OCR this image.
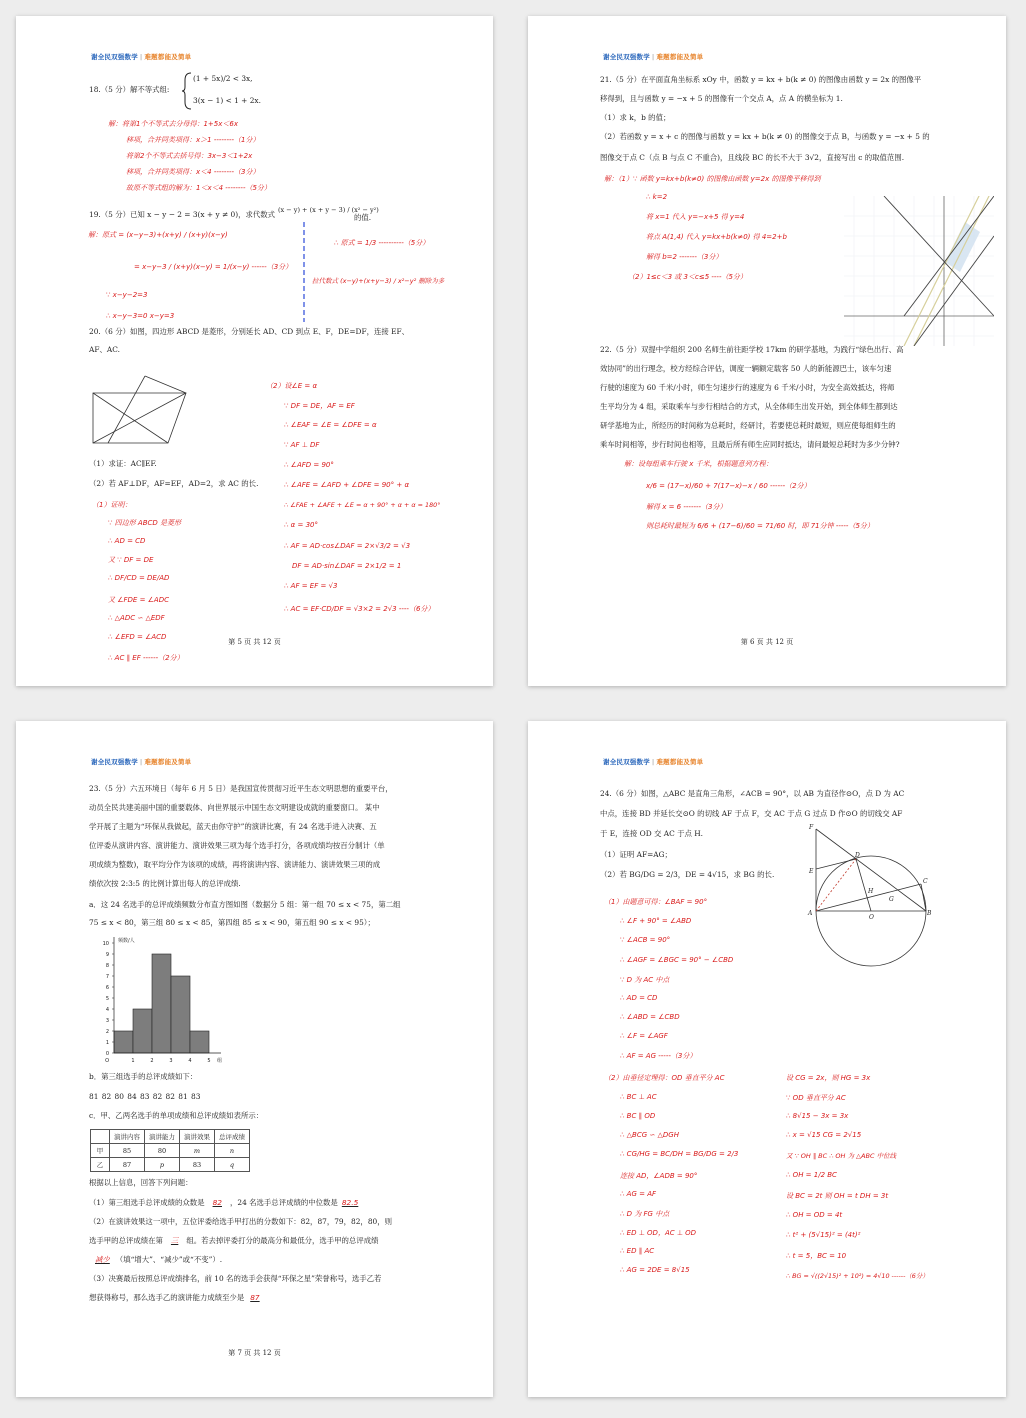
谢全民双强数学 | 难题都能及简单
18.（5 分）解不等式组:
(1 + 5x)/2 < 3x,
3(x − 1) < 1 + 2x.
解：将第1个不等式去分母得：1+5x＜6x
移项，合并同类项得：x＞1 --------（1分）
将第2个不等式去括号得：3x−3＜1+2x
移项，合并同类项得：x＜4 --------（3分）
故原不等式组的解为：1＜x＜4 --------（5分）
19.（5 分）已知 x − y − 2 = 3(x + y ≠ 0)，求代数式 (x − y) + (x + y − 3) / (x² − y²)
的值.
解：原式 = (x−y−3)+(x+y) / (x+y)(x−y)
= x−y−3 / (x+y)(x−y) = 1/(x−y) ------（3分）
∵ x−y−2=3
∴ x−y−3=0 x−y=3
∴ 原式 = 1/3 ----------（5分）
拉代数式 (x−y)+(x+y−3) / x²−y² 删除为多
20.（6 分）如图，四边形 ABCD 是菱形，分别延长 AD、CD 到点 E、F，DE=DF，连接 EF、
AF、AC.
（1）求证：AC∥EF.
（2）若 AF⊥DF，AF=EF，AD=2，求 AC 的长.
（1）证明：
∵ 四边形 ABCD 是菱形
∴ AD = CD
又 ∵ DF = DE
∴ DF/CD = DE/AD
又 ∠FDE = ∠ADC
∴ △ADC ∽ △EDF
∴ ∠EFD = ∠ACD
∴ AC ∥ EF ------（2分）
（2）设∠E = α
∵ DF = DE，AF = EF
∴ ∠EAF = ∠E = ∠DFE = α
∵ AF ⊥ DF
∴ ∠AFD = 90°
∴ ∠AFE = ∠AFD + ∠DFE = 90° + α
∴ ∠FAE + ∠AFE + ∠E = α + 90° + α + α = 180°
∴ α = 30°
∴ AF = AD·cos∠DAF = 2×√3/2 = √3
DF = AD·sin∠DAF = 2×1/2 = 1
∴ AF = EF = √3
∴ AC = EF·CD/DF = √3×2 = 2√3 ----（6分）
第 5 页 共 12 页
谢全民双强数学 | 难题都能及简单
21.（5 分）在平面直角坐标系 xOy 中，函数 y = kx + b(k ≠ 0) 的图像由函数 y = 2x 的图像平
移得到，且与函数 y = −x + 5 的图像有一个交点 A，点 A 的横坐标为 1.
（1）求 k，b 的值；
（2）若函数 y = x + c 的图像与函数 y = kx + b(k ≠ 0) 的图像交于点 B，与函数 y = −x + 5 的
图像交于点 C（点 B 与点 C 不重合)，且线段 BC 的长不大于 3√2，直接写出 c 的取值范围.
解：（1）∵ 函数 y=kx+b(k≠0) 的图像由函数 y=2x 的图像平移得到
∴ k=2
将 x=1 代入 y=−x+5 得 y=4
将点 A(1,4) 代入 y=kx+b(k≠0) 得 4=2+b
解得 b=2 -------（3分）
（2）1≤c＜3 或 3＜c≤5 ----（5分）
22.（5 分）双提中学组织 200 名师生前往距学校 17km 的研学基地，为践行“绿色出行、高
效协同”的出行理念，校方经综合评估，调度一辆额定载客 50 人的新能源巴士，该车匀速
行驶的速度为 60 千米/小时，师生匀速步行的速度为 6 千米/小时，为安全高效抵达，将师
生平均分为 4 组，采取乘车与步行相结合的方式，从全体师生出发开始，到全体师生都到达
研学基地为止，所经历的时间称为总耗时，经研讨，若要使总耗时最短，则应使每组师生的
乘车时间相等，步行时间也相等，且最后所有师生应同时抵达，请问最短总耗时为多少分钟?
解：设每组乘车行驶 x 千米，根据题意列方程：
x/6 = (17−x)/60 + 7(17−x)−x / 60 ------（2分）
解得 x = 6 -------（3分）
则总耗时最短为 6/6 + (17−6)/60 = 71/60 时，即 71分钟 -----（5分）
第 6 页 共 12 页
谢全民双强数学 | 难题都能及简单
23.（5 分）六五环境日（每年 6 月 5 日）是我国宣传贯彻习近平生态文明思想的重要平台，
动员全民共建美丽中国的重要载体、向世界展示中国生态文明建设成就的重要窗口。 某中
学开展了主题为“环保从我做起，蓝天由你守护”的演讲比赛，有 24 名选手进入决赛、五
位评委从演讲内容、演讲能力、演讲效果三项为每个选手打分，各项成绩均按百分制计（单
项成绩为整数)，取平均分作为该项的成绩，再将演讲内容、演讲能力、演讲效果三项的成
绩依次按 2:3:5 的比例计算出每人的总评成绩.
a．这 24 名选手的总评成绩频数分布直方图如图（数据分 5 组：第一组 70 ≤ x < 75，第二组
75 ≤ x < 80，第三组 80 ≤ x < 85，第四组 85 ≤ x < 90，第五组 90 ≤ x < 95）；
0
1
2
3
4
5
6
7
8
9
10
1	2	3	4	5
频数/人
组
O
b．第三组选手的总评成绩如下：
81 82 80 84 83 82 82 81 83
c．甲、乙两名选手的单项成绩和总评成绩如表所示：
	演讲内容	演讲能力	演讲效果	总评成绩
甲	85	80	m	n
乙	87	p	83	q
根据以上信息，回答下列问题：
（1）第三组选手总评成绩的众数是 82 ，24 名选手总评成绩的中位数是 82.5
（2）在演讲效果这一项中，五位评委给选手甲打出的分数如下：82，87，79，82，80，则
选手甲的总评成绩在第 三 组。若去掉评委打分的最高分和最低分，选手甲的总评成绩
减少 （填“增大”、“减少”或“不变”）.
（3）决赛最后按照总评成绩排名，前 10 名的选手会获得“环保之星”荣誉称号，选手乙若
想获得称号，那么选手乙的演讲能力成绩至少是 87
第 7 页 共 12 页
谢全民双强数学 | 难题都能及简单
24.（6 分）如图，△ABC 是直角三角形，∠ACB = 90°，以 AB 为直径作⊙O，点 D 为 AC
中点，连接 BD 并延长交⊙O 的切线 AF 于点 F，交 AC 于点 G 过点 D 作⊙O 的切线交 AF
于 E，连接 OD 交 AC 于点 H.
（1）证明 AF=AG；
（2）若 BG/DG = 2/3，DE = 4√15，求 BG 的长.
F
E
D
C
A	B
O
H
G
（1）由题意可得：∠BAF = 90°
∴ ∠F + 90° = ∠ABD
∵ ∠ACB = 90°
∴ ∠AGF = ∠BGC = 90° − ∠CBD
∵ D 为 AC 中点
∴ AD = CD
∴ ∠ABD = ∠CBD
∴ ∠F = ∠AGF
∴ AF = AG -----（3分）
（2）由垂径定理得：OD 垂直平分 AC
∴ BC ⊥ AC
∴ BC ∥ OD
∴ △BCG ∽ △DGH
∴ CG/HG = BC/DH = BG/DG = 2/3
连接 AD，∠ADB = 90°
∴ AG = AF
∴ D 为 FG 中点
∴ ED ⊥ OD，AC ⊥ OD
∴ ED ∥ AC
∴ AG = 2DE = 8√15
设 CG = 2x，则 HG = 3x
∵ OD 垂直平分 AC
∴ 8√15 − 3x = 3x
∴ x = √15 CG = 2√15
又 ∵ OH ∥ BC ∴ OH 为 △ABC 中位线
∴ OH = 1/2 BC
设 BC = 2t 则 OH = t DH = 3t
∴ OH = OD = 4t
∴ t² + (5√15)² = (4t)²
∴ t = 5，BC = 10
∴ BG = √((2√15)² + 10²) = 4√10 ------（6分）
